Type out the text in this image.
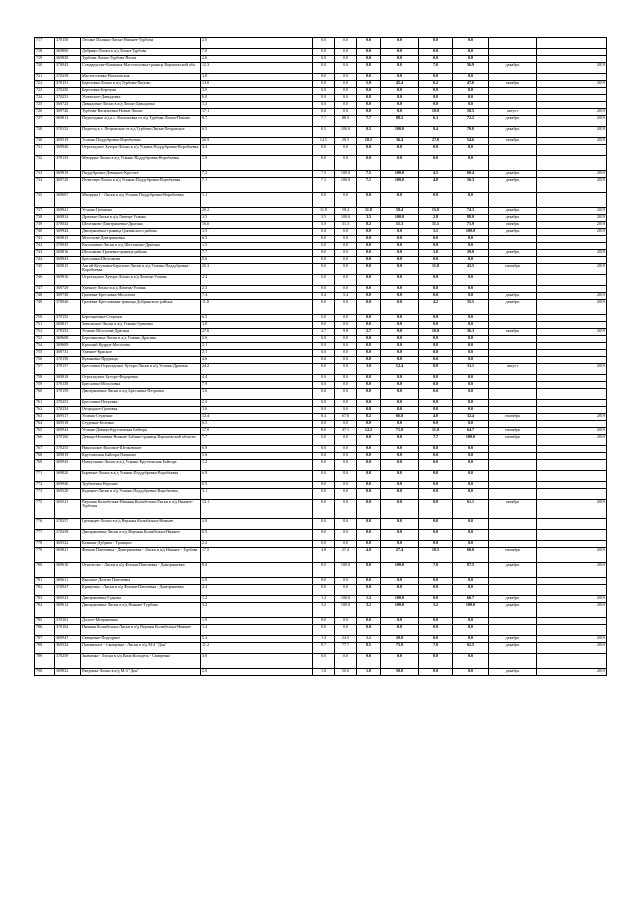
717	370150	Лесные Поляны-Лиски-Нижнее-Турбова	2.0	0.0	0.0	0.0	0.0	0.0	0.0		
718	369800	Добрино-Лиски в а/д Лиски-Турбова	7.0	0.0	0.0	0.0	0.0	0.0	0.0		
719	369858	Турбова-Лиски-Турбова-Пески	2.6	0.0	0.0	0.0	0.0	0.0	0.0		
720	370043	Ссюдаругене-Казакина-Мастоголовка-граница Воронежской обл.	12.3	0.0	0.0	0.0	0.0	7.0	56.9	декабрь	2019
721	370258	Мастоголовка-Наталовская	3.0	0.0	0.0	0.0	0.0	0.0	0.0		
722	370151	Березовка-Лиски в а/д Турбова-Попово	13.0	0.0	0.0	5.9	45.4	6.2	47.6	октябрь	2019
723	370250	Березовка-Березова	3.0	0.0	0.0	0.0	0.0	0.0	0.0		
724	370251	Успенское-Давыдовка	6.0	0.0	0.0	0.0	0.0	0.0	0.0		
725	369723	Давыдовка-Лиски в а/д Лиски-Давыдовка	1.3	0.0	0.0	0.0	0.0	0.0	0.0		
726	369726	Турбова-Васильевка-Новые Лиски	17.1	0.0	0.0	0.0	0.0	10.0	58.5	август	2019
727	369812	Подъездные а/д к с. Васильевка от а/д Турбова-Лиски-Попово	8.7	7.7	88.5	7.7	88.2	6.3	72.2	декабрь	2019
728	370152	Подъезд к с. Петровское от а/д Турбова-Лиски-Петровское	0.5	0.5	100.0	0.5	100.0	0.4	70.0	декабрь	2019
730	369519	Усмань-Поддубровка-Воробьевка	50.9	14.5	28.5	18.5	36.4	27.8	54.6	октябрь	2019
731	369940	Отрогадское Хутора-Лиски в а/д Усмань-Поддубровка-Воробьевка	4.4	0.0	0.0	0.0	0.0	0.0	0.0		
732	370153	Мещерка-Лиски в а/д Усмань-Поддубровка-Воробьевка	1.9	0.0	0.0	0.0	0.0	0.0	0.0		
733	369819	Поддубровка-Девицкое-Крутчее	7.5	7.5	100.0	7.5	100.0	4.5	60.4	декабрь	2019
734	369728	Излегощи-Лиски в а/д Усмань-Поддубровка-Воробьевка	7.1	7.1	100.0	7.1	100.0	4.0	56.3	декабрь	2019
735	369607	Мещерка I - Лиски в а/д Усмань-Поддубровка-Воробьевка	1.1	0.0	0.0	0.0	0.0	0.0	0.0		
737	369941	Усмань-Гремячье	20.2	11.8	58.4	11.8	58.4	15.0	74.3	декабрь	2019
738	369814	Драгина-Лиски в а/д Липецк-Усмань	3.5	3.5	100.0	3.5	100.0	2.8	80.0	декабрь	2019
739	370044	Шелтаково-Дмитряшевка-Драгина	16.0	5.0	31.3	8.2	51.3	11.5	71.9	октябрь	2019
740	369942	Дмитряшевка-граница Грязинского района	3.5	0.0	0.0	0.0	0.0	3.5	100.0	декабрь	2019
741	369815	Мосолова-Дмитряшевка	6.5	0.0	0.0	0.0	0.0	0.0	0.0		
742	370045	Васильевка-Лиски в а/д Шелтаково-Драгина	1.5	0.0	0.0	0.0	0.0	0.0	0.0		
743	369816	Шелтаково-Грачевка-граница района	7.7	0.0	0.0	0.0	0.0	3.0	39.0	декабрь	2019
744	369943	Бреславка-Шелтакова	5.6	0.0	0.0	0.0	0.0	0.0	0.0		
745	369815	Ангой-Кутузовка-Березово-Лиски в а/д Усмань-Поддубровка-Воробьевка	25.3	0.0	0.0	0.0	0.0	11.0	43.5	сентябрь	2019
746	369816	Отрогадское Хутора-Лиски в а/д Липецк-Усмань	2.4	0.0	0.0	0.0	0.0	0.0	0.0		
747	369729	Удачное-Лиски в а/д Липецк-Усмань	2.3	0.0	0.0	0.0	0.0	0.0	0.0		
748	369730	Грачевка-Бреславка-Мосолова	7.4	0.4	5.4	0.0	0.0	0.0	0.0	декабрь	2019
749	370046	Грачевка-Бреславовка-граница Добринского района	11.8	0.0	0.0	0.0	0.0	4.2	35.5	декабрь	2019
750	370155	Березняговка-Сторожи	6.5	0.0	0.0	0.0	0.0	0.0	0.0		
751	369817	Завальское-Лиски в а/д Усмань-Грачевка	3.0	0.0	0.0	0.0	0.0	0.0	0.0		
752	370252	Усмань-Мосолова-Драгина	27.6	2.7	9.8	2.7	9.8	10.0	36.3	октябрь	2019
753	369608	Березняговка-Лиски в а/д Усмань-Драгина	5.0	0.0	0.0	0.0	0.0	0.0	0.0		
754	369609	Красный Кудрун-Мосолова	2.1	0.0	0.0	0.0	0.0	0.0	0.0		
755	369731	Удачное-Красное	2.1	0.0	0.0	0.0	0.0	0.0	0.0		
756	370156	Куликовка-Прудищи	4.6	0.0	0.0	0.0	0.0	0.0	0.0		
757	370157	Бреславка-Отрогадские Хутора-Лиски в а/д Усмань-Драгина	24.2	0.0	0.0	3.0	12.4	8.0	33.1	август	2019
758	369818	Отрогадские Хутора-Федоровка	4.4	0.0	0.0	0.0	0.0	0.0	0.0		
759	370158	Бреславка-Мосоловка	7.9	0.0	0.0	0.0	0.0	0.0	0.0		
760	370159	Дмитряшевка-Лиски в а/д Бреславка-Петровка	3.6	0.0	0.0	0.0	0.0	0.0	0.0		
761	370253	Бреславка-Петровка	2.4	0.0	0.0	0.0	0.0	0.0	0.0		
762	370254	Огородное-Грачевка	3.6	0.0	0.0	0.0	0.0	0.0	0.0		
763	369517	Усмань-Студенки	12.4	8.4	67.6	8.2	66.0	4.0	32.4	сентябрь	2019
764	369518	Студенки-Беленко	6.5	0.0	0.0	0.0	0.0	0.0	0.0		
765	369944	Усмань-Девица-Крутченская Байгора	17.0	8.0	47.1	12.2	71.8	11.0	64.7	сентябрь	2019
766	370160	Девица-Нечаевка-Нижнее Бабино-граница Воронежской области	7.7	0.0	0.0	0.0	0.0	7.7	100.0	сентябрь	2019
767	370255	Никольское Высокое-Шелковские	6.9	0.0	0.0	0.0	0.0	0.0	0.0		
768	369819	Крутченская Байгора-Пашково	5.6	0.0	0.0	0.0	0.0	0.0	0.0		
769	369945	Новоусмань-Лиски в а/д Усмань-Крутченская Байгора	1.2	0.0	0.0	0.0	0.0	0.0	0.0		
771	369820	Бирючье-Лиски в а/д Усмань-Поддубровка-Воробьевка	6.9	0.0	0.0	0.0	0.0	0.0	0.0		
772	369946	Трубачевка-Верхние	0.5	0.0	0.0	0.0	0.0	0.0	0.0		
773	369520	Куриное-Лиски в а/д Усмань-Поддубровка-Воробьевка	3.1	0.0	0.0	0.0	0.0	0.0	0.0		
775	369521	Верхняя Колыбелька-Нижняя Колыбелька-Лиски в а/д Нижнее-Турбовы	13.1	0.0	0.0	0.0	0.0	8.0	61.1	октябрь	2019
776	370257	Гремящее-Лиски в а/д Верхняя Колыбелька-Нижнее	2.0	0.0	0.0	0.0	0.0	0.0	0.0		
777	370258	Дмитряшевка-Лиски в а/д Верхняя Колыбелька-Нижнее	0.5	0.0	0.0	0.0	0.0	0.0	0.0		
778	369522	Казинка-Дубрава - Троицкое	2.2	0.0	0.0	0.0	0.0	0.0	0.0		
779	369821	Фошня-Патичевка - Дмитряшевка - Лиски в а/д Нижнее - Турбова	17.5	4.8	27.4	4.8	27.4	10.5	60.0	сентябрь	2019
780	369610	Отпочтово - Лиски в а/д Фошня-Патичевка - Дмитряшевка	8.0	8.0	100.0	8.0	100.0	7.0	87.5	декабрь	2019
781	369611	Высокое-Долгие Патичевка	5.9	0.0	0.0	0.0	0.0	0.0	0.0		
782	370047	Кривушка - Лиски в а/д Фошня-Патичевка - Дмитряшевка	2.4	0.0	0.0	0.0	0.0	0.0	0.0		
783	369523	Дмитряшевка-Гудкова	1.2	1.2	100.0	1.2	100.0	0.8	66.7	декабрь	2019
784	369612	Дмитряшевка-Лиски в а/д Нижнее-Турбова	3.2	3.2	100.0	3.2	100.0	3.2	100.0	декабрь	2019
785	370161	Долгое-Митрашевка	1.9	0.0	0.0	0.0	0.0	0.0	0.0		
786	370162	Нижняя Колыбелька-Лиски в а/д Вершки Колыбелька-Нижнее	1.4	0.0	0.0	0.0	0.0	0.0	0.0		
787	369947	Свищевно-Подгорное	5.3	1.3	24.5	1.1	20.8	0.0	0.0	декабрь	2019
788	369524	Пшеничное - Свищевно - Лиски в а/д М-4 "Дон"	11.2	8.7	77.7	8.5	75.9	7.0	62.5	декабрь	2019
789	370259	Знаменка - Лиски в а/д Конь-Колодезь - Свищевно	3.0	0.0	0.0	0.0	0.0	0.0	0.0		
790	369822	Введенка-Лиски в а/д М-4 "Дон"	2.0	1.0	50.0	1.0	50.0	0.0	0.0	декабрь	2019
